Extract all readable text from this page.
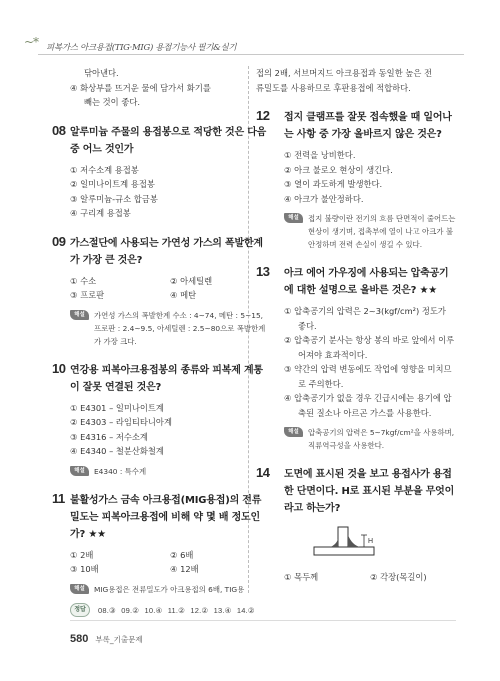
~* 피복가스 아크용접(TIG·MIG) 용접기능사 필기&실기
닦아낸다.
④ 화상부를 뜨거운 물에 담가서 화기를
빼는 것이 좋다.
08 알루미늄 주물의 용접봉으로 적당한 것은 다음 중 어느 것인가
① 저수소계 용접봉
② 일미나이트계 용접봉
③ 알루미늄-규소 합금봉
④ 구리계 용접봉
09 가스절단에 사용되는 가연성 가스의 폭발한계가 가장 큰 것은?
① 수소	② 아세틸렌
③ 프로판	④ 메탄
해설	가연성 가스의 폭발한계 수소 : 4~74, 메탄 : 5~15, 프로판 : 2.4~9.5, 아세틸렌 : 2.5~80으로 폭발한계가 가장 크다.
10 연강용 피복아크용접봉의 종류와 피복제 계통이 잘못 연결된 것은?
① E4301 – 일미나이트계
② E4303 – 라임티타니아계
③ E4316 – 저수소계
④ E4340 – 철분산화철계
해설	E4340 : 특수계
11 불활성가스 금속 아크용접(MIG용접)의 전류 밀도는 피복아크용접에 비해 약 몇 배 정도인가? ★★
① 2배	② 6배
③ 10배	④ 12배
해설	MIG용접은 전류밀도가 아크용접의 6배, TIG용
접의 2배, 서브머지드 아크용접과 동일한 높은 전
류밀도를 사용하므로 후판용접에 적합하다.
12 접지 클램프를 잘못 접속했을 때 일어나는 사항 중 가장 올바르지 않은 것은?
① 전력을 낭비한다.
② 아크 불로오 현상이 생긴다.
③ 열이 과도하게 발생한다.
④ 아크가 불안정하다.
해설	접지 불량이란 전기의 흐름 단면적이 줄어드는 현상이 생기며, 접촉부에 열이 나고 아크가 불안정하며 전력 손실이 생길 수 있다.
13 아크 에어 가우징에 사용되는 압축공기에 대한 설명으로 올바른 것은? ★★
① 압축공기의 압력은 2~3(kgf/cm²) 정도가 좋다.
② 압축공기 분사는 항상 봉의 바로 앞에서 이루어져야 효과적이다.
③ 약간의 압력 변동에도 작업에 영향을 미치므로 주의한다.
④ 압축공기가 없을 경우 긴급시에는 용기에 압축된 질소나 아르곤 가스를 사용한다.
해설	압축공기의 압력은 5~7kgf/cm²을 사용하며, 직류역극성을 사용한다.
14 도면에 표시된 것을 보고 용접사가 용접한 단면이다. H로 표시된 부분을 무엇이라고 하는가?
H
① 목두께	② 각장(목길이)
정답	08.③ 09.② 10.④ 11.② 12.② 13.④ 14.②
580 부록_기출문제
